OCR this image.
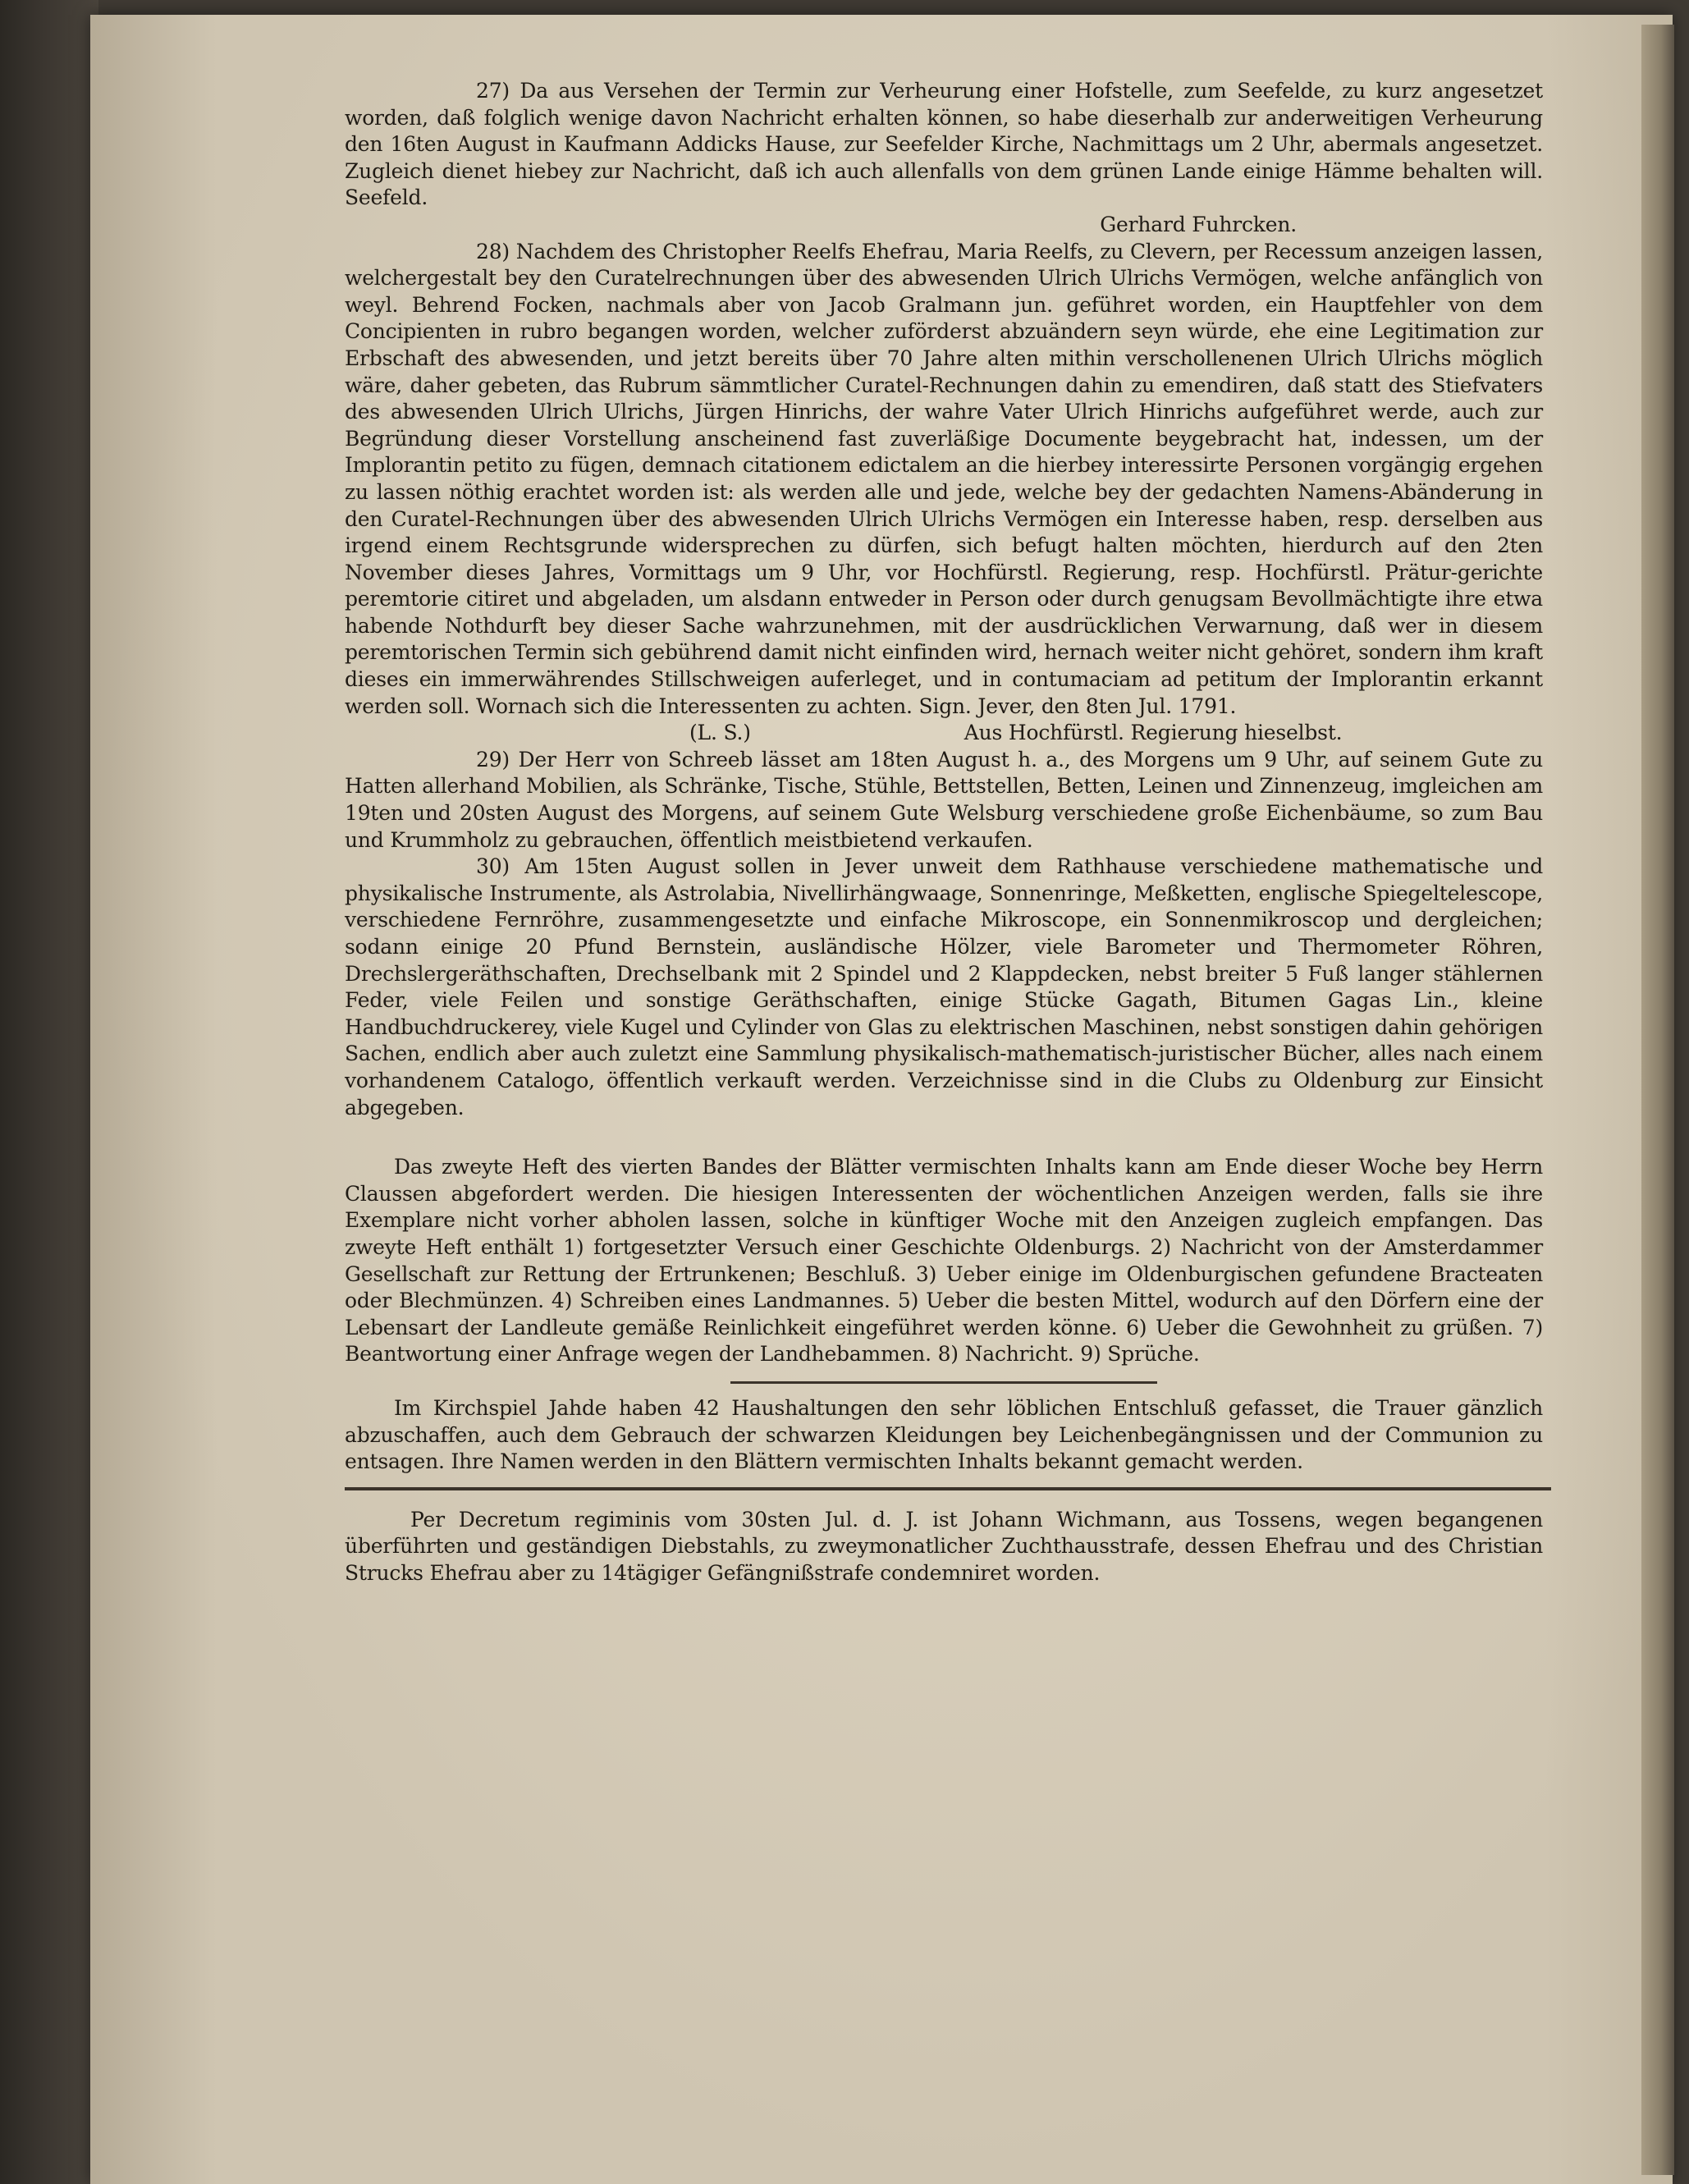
27) Da aus Versehen der Termin zur Verheurung einer Hofstelle, zum Seefelde, zu kurz angesetzet worden, daß folglich wenige davon Nachricht erhalten können, so habe dieserhalb zur anderweitigen Verheurung den 16ten August in Kaufmann Addicks Hause, zur Seefelder Kirche, Nachmittags um 2 Uhr, abermals angesetzet. Zugleich dienet hiebey zur Nachricht, daß ich auch allenfalls von dem grünen Lande einige Hämme behalten will. Seefeld.

Gerhard Fuhrcken.

28) Nachdem des Christopher Reelfs Ehefrau, Maria Reelfs, zu Clevern, per Recessum anzeigen lassen, welchergestalt bey den Curatelrechnungen über des abwesenden Ulrich Ulrichs Vermögen, welche anfänglich von weyl. Behrend Focken, nachmals aber von Jacob Gralmann jun. geführet worden, ein Hauptfehler von dem Concipienten in rubro begangen worden, welcher zuförderst abzuändern seyn würde, ehe eine Legitimation zur Erbschaft des abwesenden, und jetzt bereits über 70 Jahre alten mithin verschollenenen Ulrich Ulrichs möglich wäre, daher gebeten, das Rubrum sämmtlicher Curatel-Rechnungen dahin zu emendiren, daß statt des Stiefvaters des abwesenden Ulrich Ulrichs, Jürgen Hinrichs, der wahre Vater Ulrich Hinrichs aufgeführet werde, auch zur Begründung dieser Vorstellung anscheinend fast zuverläßige Documente beygebracht hat, indessen, um der Implorantin petito zu fügen, demnach citationem edictalem an die hierbey interessirte Personen vorgängig ergehen zu lassen nöthig erachtet worden ist: als werden alle und jede, welche bey der gedachten Namens-Abänderung in den Curatel-Rechnungen über des abwesenden Ulrich Ulrichs Vermögen ein Interesse haben, resp. derselben aus irgend einem Rechtsgrunde widersprechen zu dürfen, sich befugt halten möchten, hierdurch auf den 2ten November dieses Jahres, Vormittags um 9 Uhr, vor Hochfürstl. Regierung, resp. Hochfürstl. Prätur-gerichte peremtorie citiret und abgeladen, um alsdann entweder in Person oder durch genugsam Bevollmächtigte ihre etwa habende Nothdurft bey dieser Sache wahrzunehmen, mit der ausdrücklichen Verwarnung, daß wer in diesem peremtorischen Termin sich gebührend damit nicht einfinden wird, hernach weiter nicht gehöret, sondern ihm kraft dieses ein immerwährendes Stillschweigen auferleget, und in contumaciam ad petitum der Implorantin erkannt werden soll. Wornach sich die Interessenten zu achten. Sign. Jever, den 8ten Jul. 1791.

(L. S.)	Aus Hochfürstl. Regierung hieselbst.

29) Der Herr von Schreeb lässet am 18ten August h. a., des Morgens um 9 Uhr, auf seinem Gute zu Hatten allerhand Mobilien, als Schränke, Tische, Stühle, Bettstellen, Betten, Leinen und Zinnenzeug, imgleichen am 19ten und 20sten August des Morgens, auf seinem Gute Welsburg verschiedene große Eichenbäume, so zum Bau und Krummholz zu gebrauchen, öffentlich meistbietend verkaufen.

30) Am 15ten August sollen in Jever unweit dem Rathhause verschiedene mathematische und physikalische Instrumente, als Astrolabia, Nivellirhängwaage, Sonnenringe, Meßketten, englische Spiegeltelescope, verschiedene Fernröhre, zusammengesetzte und einfache Mikroscope, ein Sonnenmikroscop und dergleichen; sodann einige 20 Pfund Bernstein, ausländische Hölzer, viele Barometer und Thermometer Röhren, Drechslergeräthschaften, Drechselbank mit 2 Spindel und 2 Klappdecken, nebst breiter 5 Fuß langer stählernen Feder, viele Feilen und sonstige Geräthschaften, einige Stücke Gagath, Bitumen Gagas Lin., kleine Handbuchdruckerey, viele Kugel und Cylinder von Glas zu elektrischen Maschinen, nebst sonstigen dahin gehörigen Sachen, endlich aber auch zuletzt eine Sammlung physikalisch-mathematisch-juristischer Bücher, alles nach einem vorhandenem Catalogo, öffentlich verkauft werden. Verzeichnisse sind in die Clubs zu Oldenburg zur Einsicht abgegeben.

Das zweyte Heft des vierten Bandes der Blätter vermischten Inhalts kann am Ende dieser Woche bey Herrn Claussen abgefordert werden. Die hiesigen Interessenten der wöchentlichen Anzeigen werden, falls sie ihre Exemplare nicht vorher abholen lassen, solche in künftiger Woche mit den Anzeigen zugleich empfangen. Das zweyte Heft enthält 1) fortgesetzter Versuch einer Geschichte Oldenburgs. 2) Nachricht von der Amsterdammer Gesellschaft zur Rettung der Ertrunkenen; Beschluß. 3) Ueber einige im Oldenburgischen gefundene Bracteaten oder Blechmünzen. 4) Schreiben eines Landmannes. 5) Ueber die besten Mittel, wodurch auf den Dörfern eine der Lebensart der Landleute gemäße Reinlichkeit eingeführet werden könne. 6) Ueber die Gewohnheit zu grüßen. 7) Beantwortung einer Anfrage wegen der Landhebammen. 8) Nachricht. 9) Sprüche.

Im Kirchspiel Jahde haben 42 Haushaltungen den sehr löblichen Entschluß gefasset, die Trauer gänzlich abzuschaffen, auch dem Gebrauch der schwarzen Kleidungen bey Leichenbegängnissen und der Communion zu entsagen. Ihre Namen werden in den Blättern vermischten Inhalts bekannt gemacht werden.

Per Decretum regiminis vom 30sten Jul. d. J. ist Johann Wichmann, aus Tossens, wegen begangenen überführten und geständigen Diebstahls, zu zweymonatlicher Zuchthausstrafe, dessen Ehefrau und des Christian Strucks Ehefrau aber zu 14tägiger Gefängnißstrafe condemniret worden.
